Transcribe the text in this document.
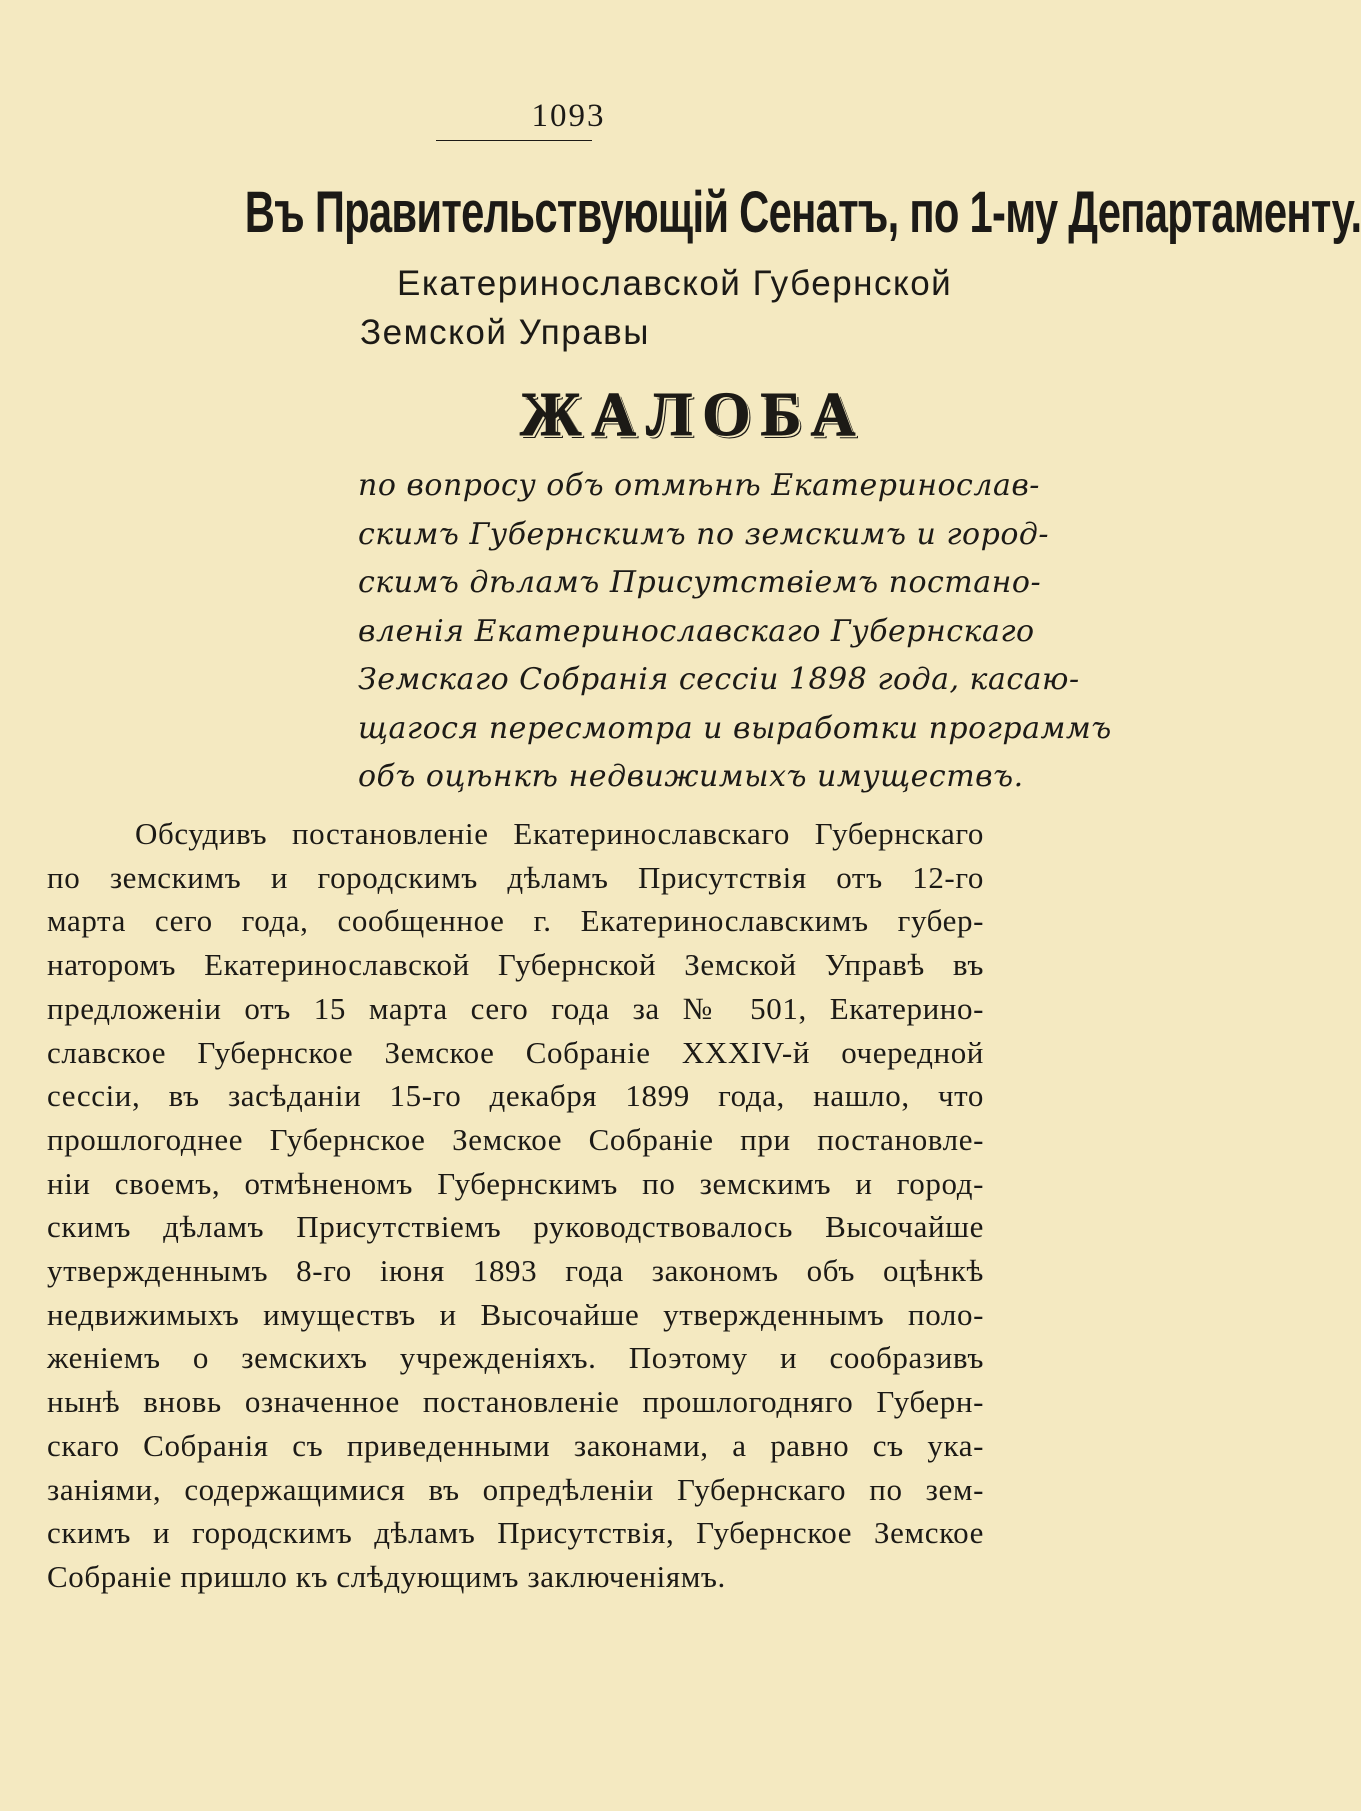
1093
Въ Правительствующій Сенатъ, по 1-му Департаменту.
Екатеринославской Губернской
Земской Управы
ЖАЛОБА
по вопросу объ отмѣнѣ Екатеринослав-
скимъ Губернскимъ по земскимъ и город-
скимъ дѣламъ Присутствіемъ постано-
вленія Екатеринославскаго Губернскаго
Земскаго Собранія сессіи 1898 года, касаю-
щагося пересмотра и выработки программъ
объ оцѣнкѣ недвижимыхъ имуществъ.
Обсудивъ постановленіе Екатеринославскаго Губернскаго
по земскимъ и городскимъ дѣламъ Присутствія отъ 12-го
марта сего года, сообщенное г. Екатеринославскимъ губер-
наторомъ Екатеринославской Губернской Земской Управѣ въ
предложеніи отъ 15 марта сего года за № 501, Екатерино-
славское Губернское Земское Собраніе XXXIV-й очередной
сессіи, въ засѣданіи 15-го декабря 1899 года, нашло, что
прошлогоднее Губернское Земское Собраніе при постановле-
ніи своемъ, отмѣненомъ Губернскимъ по земскимъ и город-
скимъ дѣламъ Присутствіемъ руководствовалось Высочайше
утвержденнымъ 8-го іюня 1893 года закономъ объ оцѣнкѣ
недвижимыхъ имуществъ и Высочайше утвержденнымъ поло-
женіемъ о земскихъ учрежденіяхъ. Поэтому и сообразивъ
нынѣ вновь означенное постановленіе прошлогодняго Губерн-
скаго Собранія съ приведенными законами, а равно съ ука-
заніями, содержащимися въ опредѣленіи Губернскаго по зем-
скимъ и городскимъ дѣламъ Присутствія, Губернское Земское
Собраніе пришло къ слѣдующимъ заключеніямъ.
